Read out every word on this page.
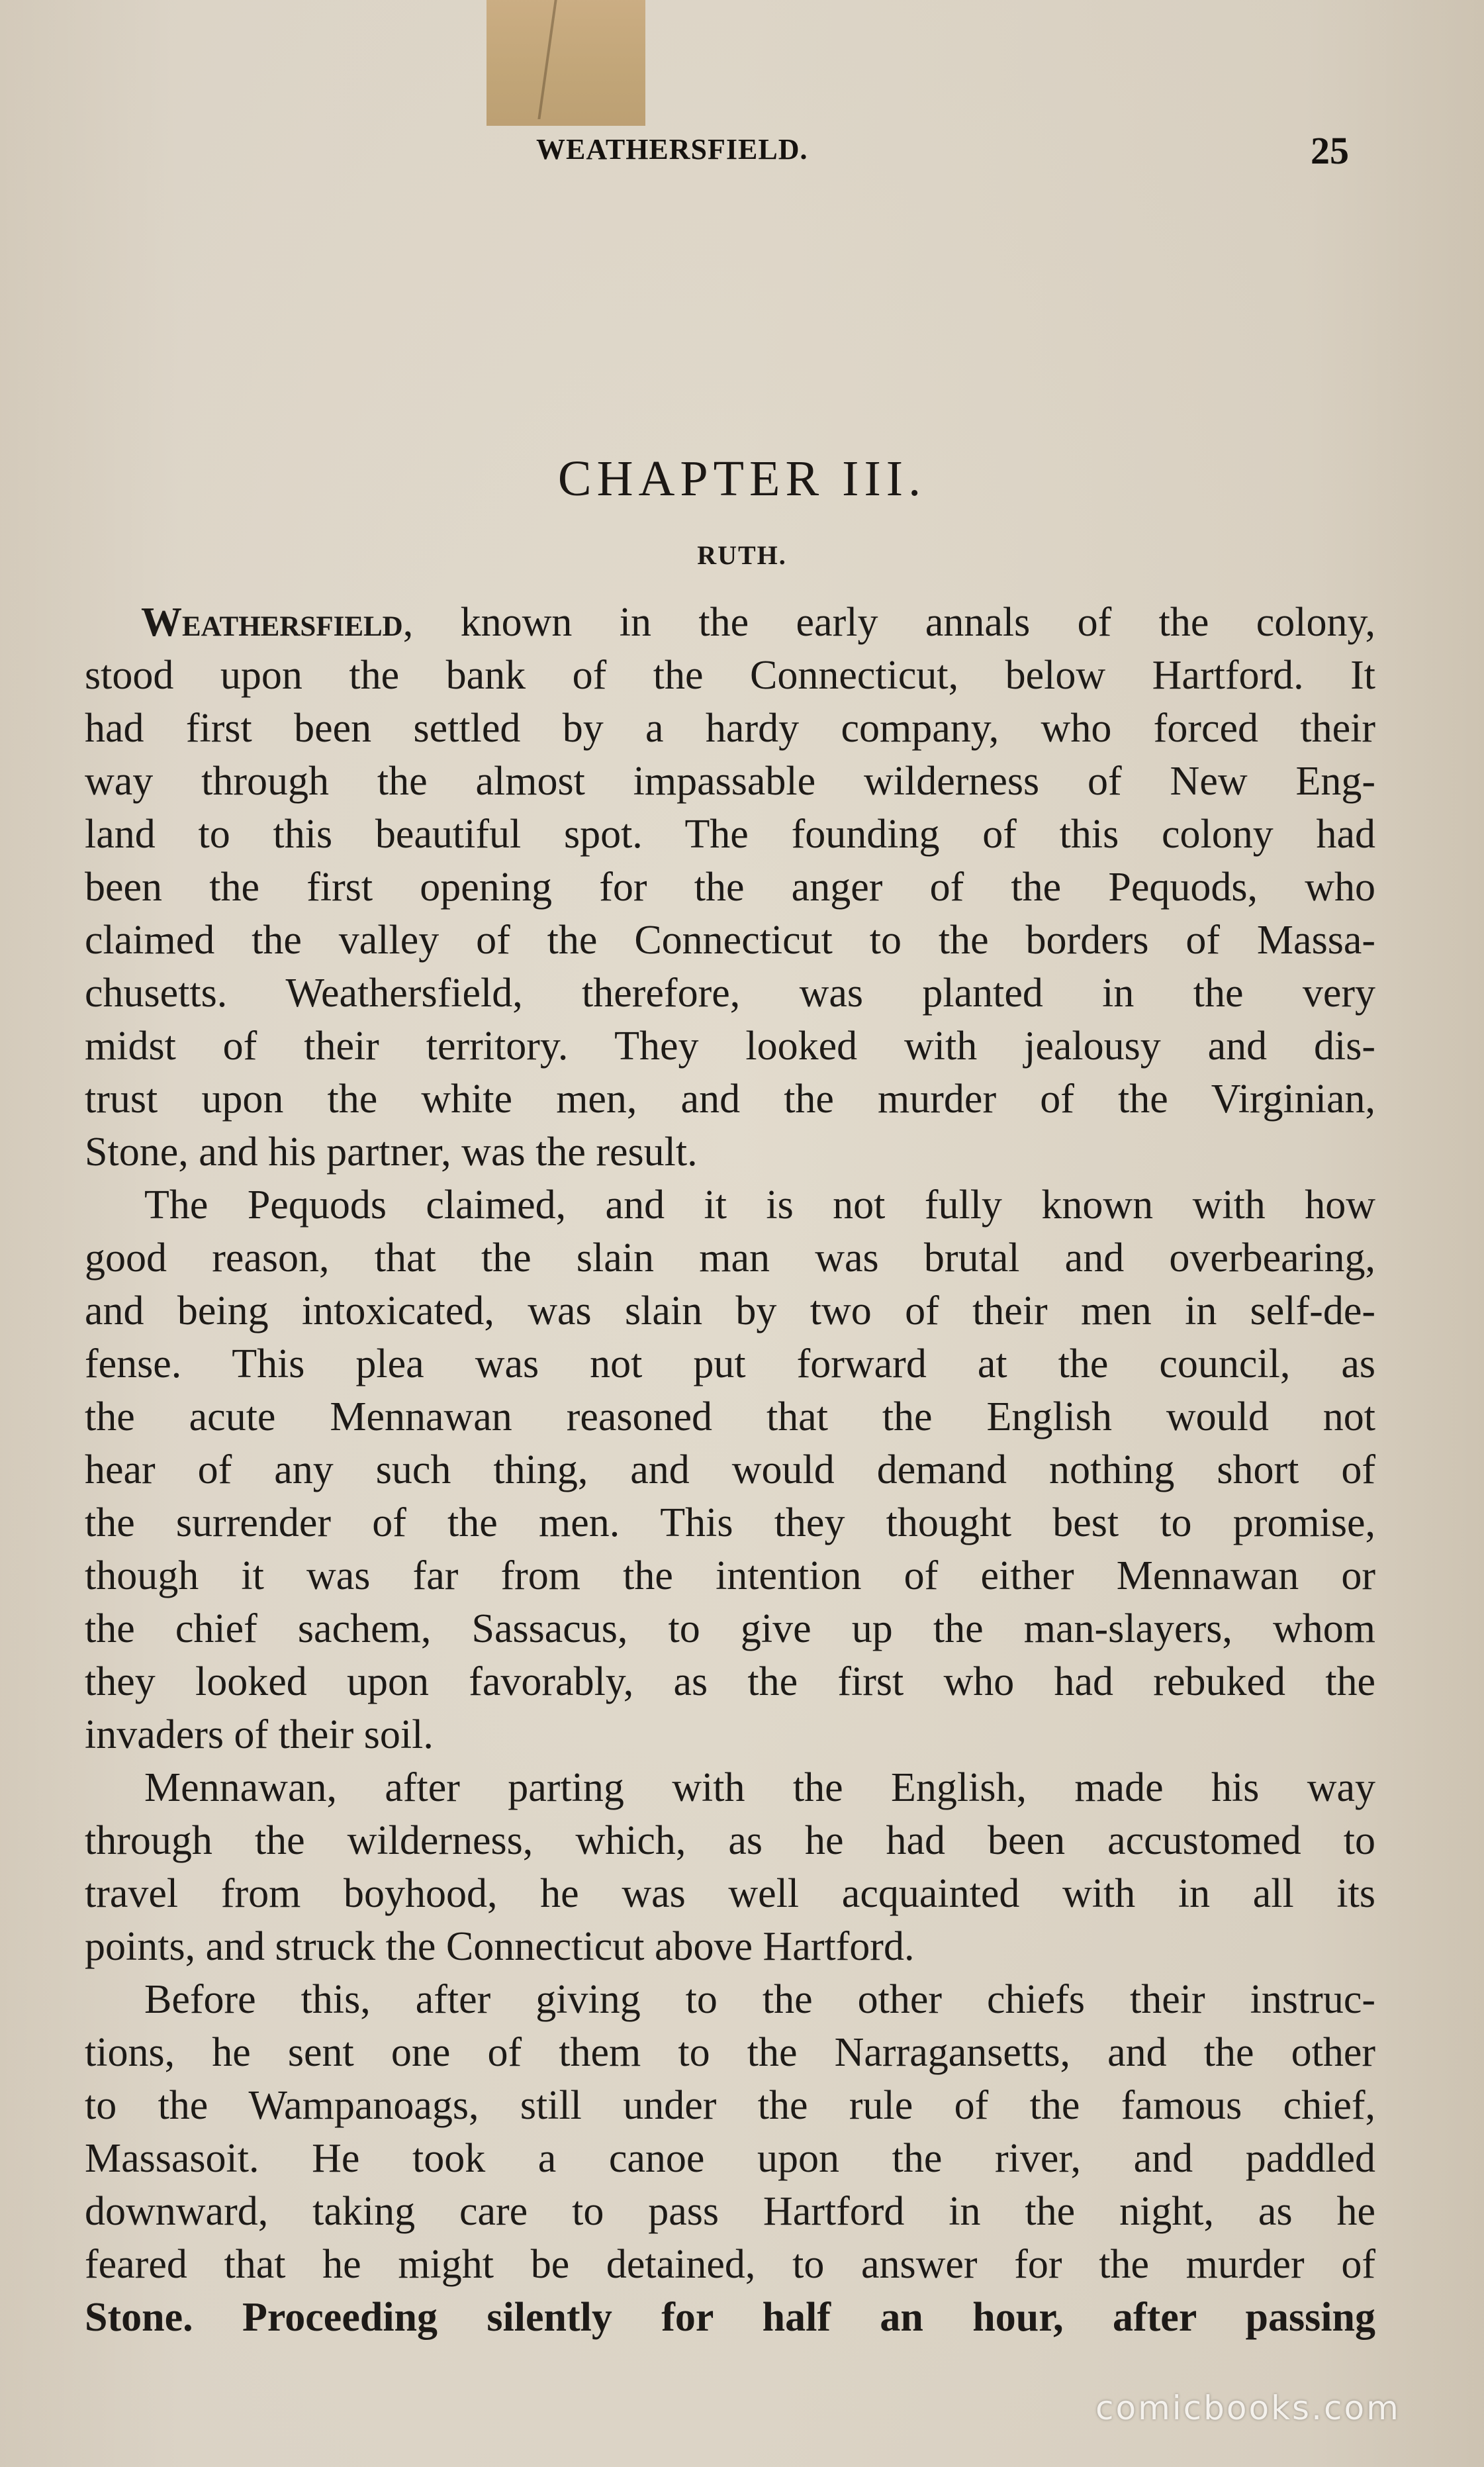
WEATHERSFIELD.	25
CHAPTER III.
RUTH.
Weathersfield, known in the early annals of the colony,
stood upon the bank of the Connecticut, below Hartford. It
had first been settled by a hardy company, who forced their
way through the almost impassable wilderness of New Eng-
land to this beautiful spot. The founding of this colony had
been the first opening for the anger of the Pequods, who
claimed the valley of the Connecticut to the borders of Massa-
chusetts. Weathersfield, therefore, was planted in the very
midst of their territory. They looked with jealousy and dis-
trust upon the white men, and the murder of the Virginian,
Stone, and his partner, was the result.
The Pequods claimed, and it is not fully known with how
good reason, that the slain man was brutal and overbearing,
and being intoxicated, was slain by two of their men in self-de-
fense. This plea was not put forward at the council, as
the acute Mennawan reasoned that the English would not
hear of any such thing, and would demand nothing short of
the surrender of the men. This they thought best to promise,
though it was far from the intention of either Mennawan or
the chief sachem, Sassacus, to give up the man-slayers, whom
they looked upon favorably, as the first who had rebuked the
invaders of their soil.
Mennawan, after parting with the English, made his way
through the wilderness, which, as he had been accustomed to
travel from boyhood, he was well acquainted with in all its
points, and struck the Connecticut above Hartford.
Before this, after giving to the other chiefs their instruc-
tions, he sent one of them to the Narragansetts, and the other
to the Wampanoags, still under the rule of the famous chief,
Massasoit. He took a canoe upon the river, and paddled
downward, taking care to pass Hartford in the night, as he
feared that he might be detained, to answer for the murder of
Stone. Proceeding silently for half an hour, after passing
comicbooks.com
